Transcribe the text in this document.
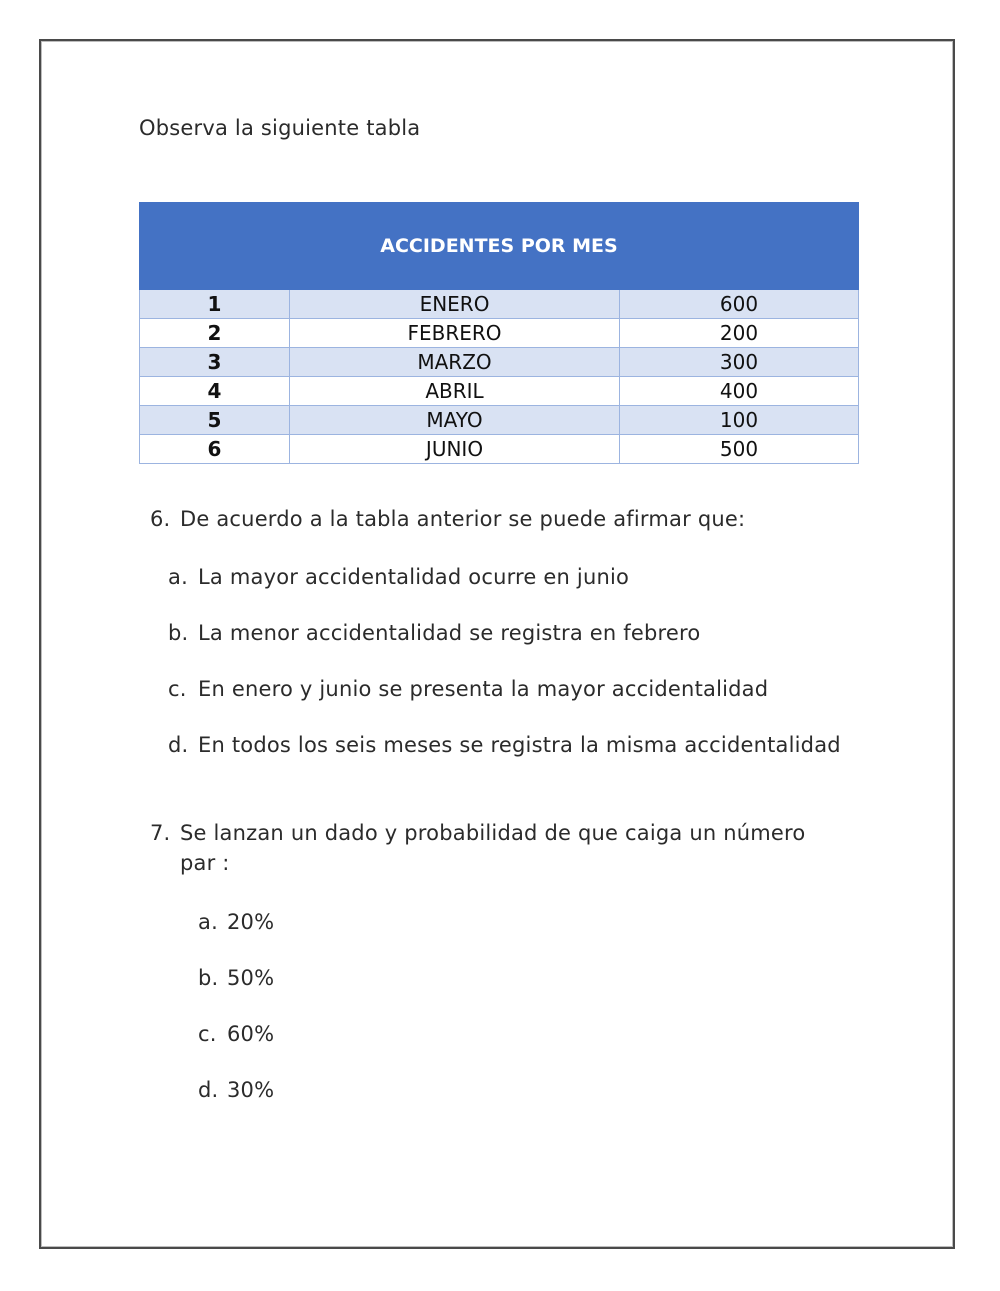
Observa la siguiente tabla
ACCIDENTES POR MES		
1	ENERO	600
2	FEBRERO	200
3	MARZO	300
4	ABRIL	400
5	MAYO	100
6	JUNIO	500
6. De acuerdo a la tabla anterior se puede afirmar que:
a. La mayor accidentalidad ocurre en junio
b. La menor accidentalidad se registra en febrero
c. En enero y junio se presenta la mayor accidentalidad
d. En todos los seis meses se registra la misma accidentalidad
7. Se lanzan un dado y probabilidad de que caiga un número
par :
a. 20%
b. 50%
c. 60%
d. 30%
